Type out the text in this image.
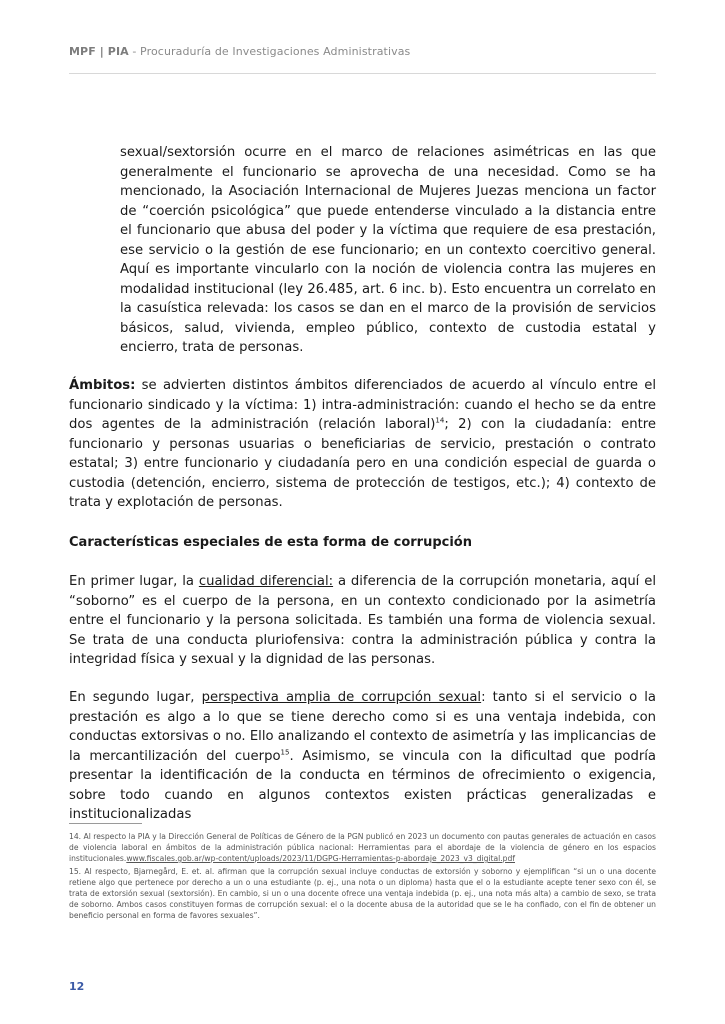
MPF | PIA - Procuraduría de Investigaciones Administrativas

sexual/sextorsión ocurre en el marco de relaciones asimétricas en las que generalmente el funcionario se aprovecha de una necesidad. Como se ha mencionado, la Asociación Internacional de Mujeres Juezas menciona un factor de “coerción psicológica” que puede entenderse vinculado a la distancia entre el funcionario que abusa del poder y la víctima que requiere de esa prestación, ese servicio o la gestión de ese funcionario; en un contexto coercitivo general. Aquí es importante vincularlo con la noción de violencia contra las mujeres en modalidad institucional (ley 26.485, art. 6 inc. b). Esto encuentra un correlato en la casuística relevada: los casos se dan en el marco de la provisión de servicios básicos, salud, vivienda, empleo público, contexto de custodia estatal y encierro, trata de personas.

Ámbitos: se advierten distintos ámbitos diferenciados de acuerdo al vínculo entre el funcionario sindicado y la víctima: 1) intra-administración: cuando el hecho se da entre dos agentes de la administración (relación laboral)$^{14}$; 2) con la ciudadanía: entre funcionario y personas usuarias o beneficiarias de servicio, prestación o contrato estatal; 3) entre funcionario y ciudadanía pero en una condición especial de guarda o custodia (detención, encierro, sistema de protección de testigos, etc.); 4) contexto de trata y explotación de personas.

Características especiales de esta forma de corrupción

En primer lugar, la cualidad diferencial: a diferencia de la corrupción monetaria, aquí el “soborno” es el cuerpo de la persona, en un contexto condicionado por la asimetría entre el funcionario y la persona solicitada. Es también una forma de violencia sexual. Se trata de una conducta pluriofensiva: contra la administración pública y contra la integridad física y sexual y la dignidad de las personas.

En segundo lugar, perspectiva amplia de corrupción sexual: tanto si el servicio o la prestación es algo a lo que se tiene derecho como si es una ventaja indebida, con conductas extorsivas o no. Ello analizando el contexto de asimetría y las implicancias de la mercantilización del cuerpo$^{15}$. Asimismo, se vincula con la dificultad que podría presentar la identificación de la conducta en términos de ofrecimiento o exigencia, sobre todo cuando en algunos contextos existen prácticas generalizadas e institucionalizadas

14. Al respecto la PIA y la Dirección General de Políticas de Género de la PGN publicó en 2023 un documento con pautas generales de actuación en casos de violencia laboral en ámbitos de la administración pública nacional: Herramientas para el abordaje de la violencia de género en los espacios institucionales.www.fiscales.gob.ar/wp-content/uploads/2023/11/DGPG-Herramientas-p-abordaje_2023_v3_digital.pdf

15. Al respecto, Bjarnegård, E. et. al. afirman que la corrupción sexual incluye conductas de extorsión y soborno y ejemplifican “si un o una docente retiene algo que pertenece por derecho a un o una estudiante (p. ej., una nota o un diploma) hasta que el o la estudiante acepte tener sexo con él, se trata de extorsión sexual (sextorsión). En cambio, si un o una docente ofrece una ventaja indebida (p. ej., una nota más alta) a cambio de sexo, se trata de soborno. Ambos casos constituyen formas de corrupción sexual: el o la docente abusa de la autoridad que se le ha confiado, con el fin de obtener un beneficio personal en forma de favores sexuales”.

12
